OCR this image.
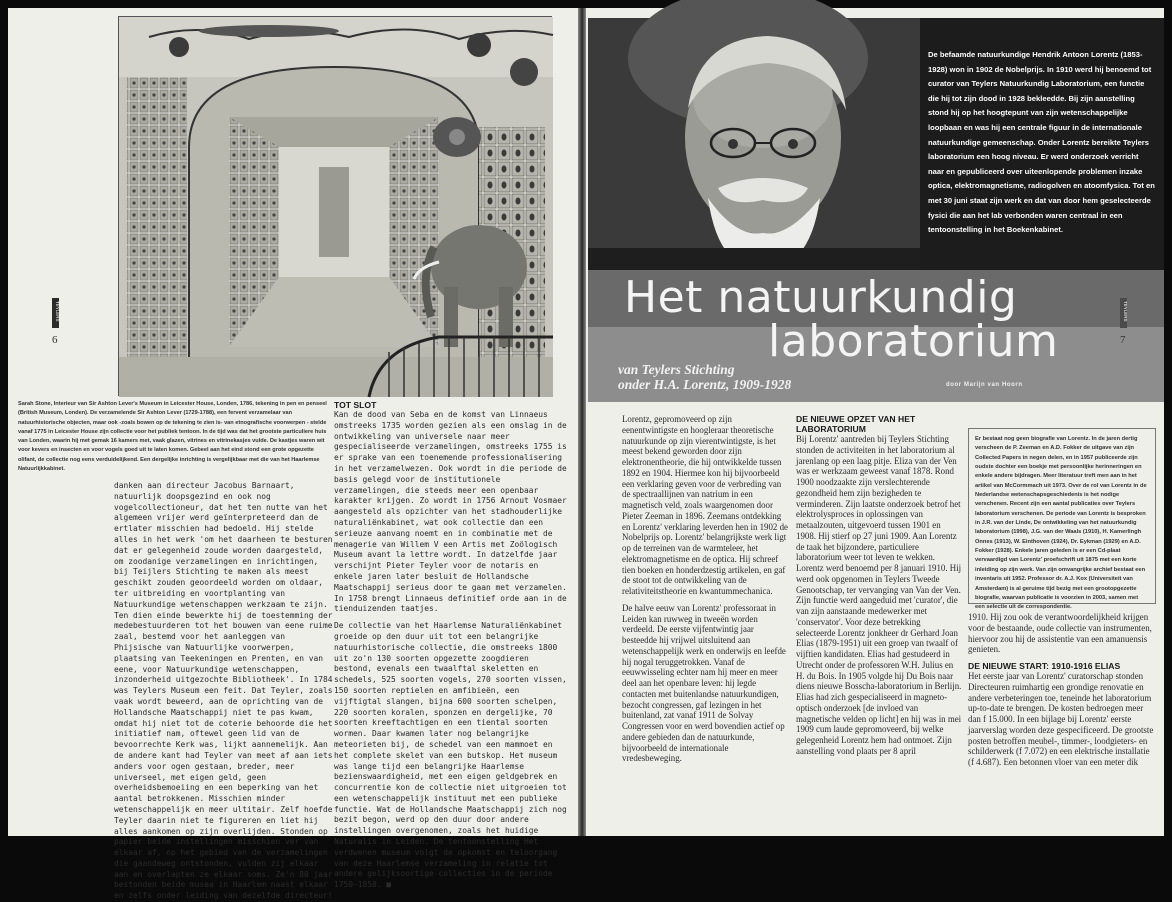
TEYLERS
6
Sarah Stone, Interieur van Sir Ashton Lever's Museum in Leicester House, Londen, 1786, tekening in pen en penseel (British Museum, Londen). De verzamelende Sir Ashton Lever (1729-1788), een fervent verzamelaar van natuurhistorische objecten, maar ook -zoals bowen op de tekening te zien is- van etnografische voorwerpen - stelde vanaf 1775 in Leicester House zijn collectie voor het publiek tentoon. In de tijd was dat het grootste particuliere huis van Londen, waarin hij met gemak 16 kamers met, vaak glazen, vitrines en vitrinekasjes vulde. De kastjes waren wit voor kevers en insecten en voor vogels goed uit te laten komen. Gebeel aan het eind stond een grote opgezette olifant, de collectie nog eens verduidelijkend. Een dergelijke inrichting is vergelijkbaar met die van het Haarlemse Natuurlijkkabinet.

danken aan directeur Jacobus Barnaart, natuurlijk doopsgezind en ook nog vogelcollectioneur, dat het ten nutte van het algemeen vrijer werd geïnterpreteerd dan de ertlater misschien had bedoeld. Hij stelde alles in het werk 'om het daarheen te besturen dat er gelegenheid zoude worden daargesteld, om zoodanige verzamelingen en inrichtingen, bij Teijlers Stichting te maken als meest geschikt zouden geoordeeld worden om oldaar, ter uitbreiding en voortplanting van Natuurkundige wetenschappen werkzaam te zijn. Ten dien einde bewerkte hij de toestemming der medebestuurderen tot het bouwen van eene ruime zaal, bestemd voor het aanleggen van Phijsische van Natuurlijke voorwerpen, plaatsing van Teekeningen en Prenten, en van eene, voor Natuurkundige wetenschappen, inzonderheid uitgezochte Bibliotheek'. In 1784 was Teylers Museum een feit. Dat Teyler, zoals vaak wordt beweerd, aan de oprichting van de Hollandsche Maatschappij niet te pas kwam, omdat hij niet tot de coterie behoorde die het initiatief nam, oftewel geen lid van de bevoorrechte Kerk was, lijkt aannemelijk. Aan de andere kant had Teyler van meet af aan iets anders voor ogen gestaan, breder, meer universeel, met eigen geld, geen overheidsbemoeiing en een beperking van het aantal betrokkenen. Misschien minder wetenschappelijk en meer ultitair. Zelf hoefde Teyler daarin niet te figureren en liet hij alles aankomen op zijn overlijden. Stonden op papier beide instellingen misschien ver van elkaar af, op het gebied van de verzamelingen die gaandeweg ontstonden, vulden zij elkaar aan en overlapten ze elkaar soms. Ze'n 80 jaar bestonden beide musea in Haarlem naast elkaar en zelfs onder leiding van dezelfde directeur!

TOT SLOT

Kan de dood van Seba en de komst van Linnaeus omstreeks 1735 worden gezien als een omslag in de ontwikkeling van universele naar meer gespecialiseerde verzamelingen, omstreeks 1755 is er sprake van een toenemende professionalisering in het verzamelwezen. Ook wordt in die periode de basis gelegd voor de institutionele verzamelingen, die steeds meer een openbaar karakter krijgen. Zo wordt in 1756 Arnout Vosmaer aangesteld als opzichter van het stadhouderlijke naturaliënkabinet, wat ook collectie dan een serieuze aanvang noemt en in combinatie met de menagerie van Willem V een Artis met Zoölogisch Museum avant la lettre wordt. In datzelfde jaar verschijnt Pieter Teyler voor de notaris en enkele jaren later besluit de Hollandsche Maatschappij serieus door te gaan met verzamelen. In 1758 brengt Linnaeus definitief orde aan in de tienduizenden taatjes.

De collectie van het Haarlemse Naturaliënkabinet groeide op den duur uit tot een belangrijke natuurhistorische collectie, die omstreeks 1800 uit zo'n 130 soorten opgezette zoogdieren bestond, evenals een twaalftal skeletten en schedels, 525 soorten vogels, 270 soorten vissen, 150 soorten reptielen en amfibieën, een vijftigtal slangen, bijna 600 soorten schelpen, 220 soorten koralen, sponzen en dergelijke, 70 soorten kreeftachtigen en een tiental soorten wormen. Daar kwamen later nog belangrijke meteorieten bij, de schedel van een mammoet en het complete skelet van een butskop. Het museum was lange tijd een belangrijke Haarlemse bezienswaardigheid, met een eigen geldgebrek en concurrentie kon de collectie niet uitgroeien tot een wetenschappelijk instituut met een publieke functie. Wat de Hollandsche Maatschappij zich nog bezit begon, werd op den duur door andere instellingen overgenomen, zoals het huidige Naturalis in Leiden. De tentoonstelling Het verdwenen museum volgt de opkomst en teloorgang van deze Haarlemse verzameling in relatie tot andere gelijksoortige collecties in de periode 1750-1850. ■

De befaamde natuurkundige Hendrik Antoon Lorentz (1853-1928) won in 1902 de Nobelprijs. In 1910 werd hij benoemd tot curator van Teylers Natuurkundig Laboratorium, een functie die hij tot zijn dood in 1928 bekleedde. Bij zijn aanstelling stond hij op het hoogtepunt van zijn wetenschappelijke loopbaan en was hij een centrale figuur in de internationale natuurkundige gemeenschap. Onder Lorentz bereikte Teylers laboratorium een hoog niveau. Er werd onderzoek verricht naar en gepubliceerd over uiteenlopende problemen inzake optica, elektromagnetisme, radiogolven en atoomfysica. Tot en met 30 juni staat zijn werk en dat van door hem geselecteerde fysici die aan het lab verbonden waren centraal in een tentoonstelling in het Boekenkabinet.
Het natuurkundig
laboratorium
van Teylers Stichting
onder H.A. Lorentz, 1909-1928	door Marijn van Hoorn
TEYLERS
7

Lorentz, gepromoveerd op zijn eenentwintigste en hoogleraar theoretische natuurkunde op zijn vierentwintigste, is het meest bekend geworden door zijn elektronentheorie, die hij ontwikkelde tussen 1892 en 1904. Hiermee kon hij bijvoorbeeld een verklaring geven voor de verbreding van de spectraallijnen van natrium in een magnetisch veld, zoals waargenomen door Pieter Zeeman in 1896. Zeemans ontdekking en Lorentz' verklaring leverden hen in 1902 de Nobelprijs op. Lorentz' belangrijkste werk ligt op de terreinen van de warmteleer, het elektromagnetisme en de optica. Hij schreef tien boeken en honderdzestig artikelen, en gaf de stoot tot de ontwikkeling van de relativiteitstheorie en kwantummechanica.

De halve eeuw van Lorentz' professoraat in Leiden kan ruwweg in tweeën worden verdeeld. De eerste vijfentwintig jaar besteedde hij vrijwel uitsluitend aan wetenschappelijk werk en onderwijs en leefde hij nogal teruggetrokken. Vanaf de eeuwwisseling echter nam hij meer en meer deel aan het openbare leven: hij legde contacten met buitenlandse natuurkundigen, bezocht congressen, gaf lezingen in het buitenland, zat vanaf 1911 de Solvay Congressen voor en werd bovendien actief op andere gebieden dan de natuurkunde, bijvoorbeeld de internationale vredesbeweging.

DE NIEUWE OPZET VAN HET LABORATORIUM

Bij Lorentz' aantreden bij Teylers Stichting stonden de activiteiten in het laboratorium al jarenlang op een laag pitje. Eliza van der Ven was er werkzaam geweest vanaf 1878. Rond 1900 noodzaakte zijn verslechterende gezondheid hem zijn bezigheden te verminderen. Zijn laatste onderzoek betrof het elektrolysproces in oplossingen van metaalzouten, uitgevoerd tussen 1901 en 1908. Hij stierf op 27 juni 1909. Aan Lorentz de taak het bijzondere, particuliere laboratorium weer tot leven te wekken. Lorentz werd benoemd per 8 januari 1910. Hij werd ook opgenomen in Teylers Tweede Genootschap, ter vervanging van Van der Ven. Zijn functie werd aangeduid met 'curator', die van zijn aanstaande medewerker met 'conservator'. Voor deze betrekking selecteerde Lorentz jonkheer dr Gerhard Joan Elias (1879-1951) uit een groep van twaalf of vijftien kandidaten. Elias had gestudeerd in Utrecht onder de professoren W.H. Julius en H. du Bois. In 1905 volgde hij Du Bois naar diens nieuwe Bosscha-laboratorium in Berlijn. Elias had zich gespecialiseerd in magneto-optisch onderzoek [de invloed van magnetische velden op licht] en hij was in mei 1909 cum laude gepromoveerd, bij welke gelegenheid Lorentz hem had ontmoet. Zijn aanstelling vond plaats per 8 april

Er bestaat nog geen biografie van Lorentz. In de jaren dertig verscheen de P. Zeeman en A.D. Fokker de uitgave van zijn Collected Papers in negen delen, en in 1957 publiceerde zijn oudste dochter een boekje met persoonlijke herinneringen en enkele andere bijdragen. Meer literatuur treft men aan in het artikel van McCormmach uit 1973. Over de rol van Lorentz in de Nederlandse wetenschapsgeschiedenis is het nodige verschenen. Recent zijn een aantal publicaties over Teylers laboratorium verschenen. De periode van Lorentz is besproken in J.R. van der Linde, De ontwikkeling van het natuurkundig laboratorium (1998), J.G. van der Waals (1910), H. Kamerlingh Onnes (1913), W. Einthoven (1924), Dr. Eykman (1929) en A.D. Fokker (1928). Enkele jaren geleden is er een Cd-plaat vervaardigd van Lorentz' proefschrift uit 1875 met een korte inleiding op zijn werk. Van zijn omvangrijke archief bestaat een inventaris uit 1952. Professor dr. A.J. Kox (Universiteit van Amsterdam) is al geruime tijd bezig met een grootopgezette biografie, waarvan publicatie is voorzien in 2003, samen met een selectie uit de correspondentie.

1910. Hij zou ook de verantwoordelijkheid krijgen voor de bestaande, oude collectie van instrumenten, hiervoor zou hij de assistentie van een amanuensis genieten.

DE NIEUWE START: 1910-1916 ELIAS

Het eerste jaar van Lorentz' curatorschap stonden Directeuren ruimhartig een grondige renovatie en andere verbeteringen toe, teneinde het laboratorium up-to-date te brengen. De kosten bedroegen meer dan f 15.000. In een bijlage bij Lorentz' eerste jaarverslag worden deze gespecificeerd. De grootste posten betroffen meubel-, timmer-, loodgieters- en schilderwerk (f 7.072) en een elektrische installatie (f 4.687). Een betonnen vloer van een meter dik
